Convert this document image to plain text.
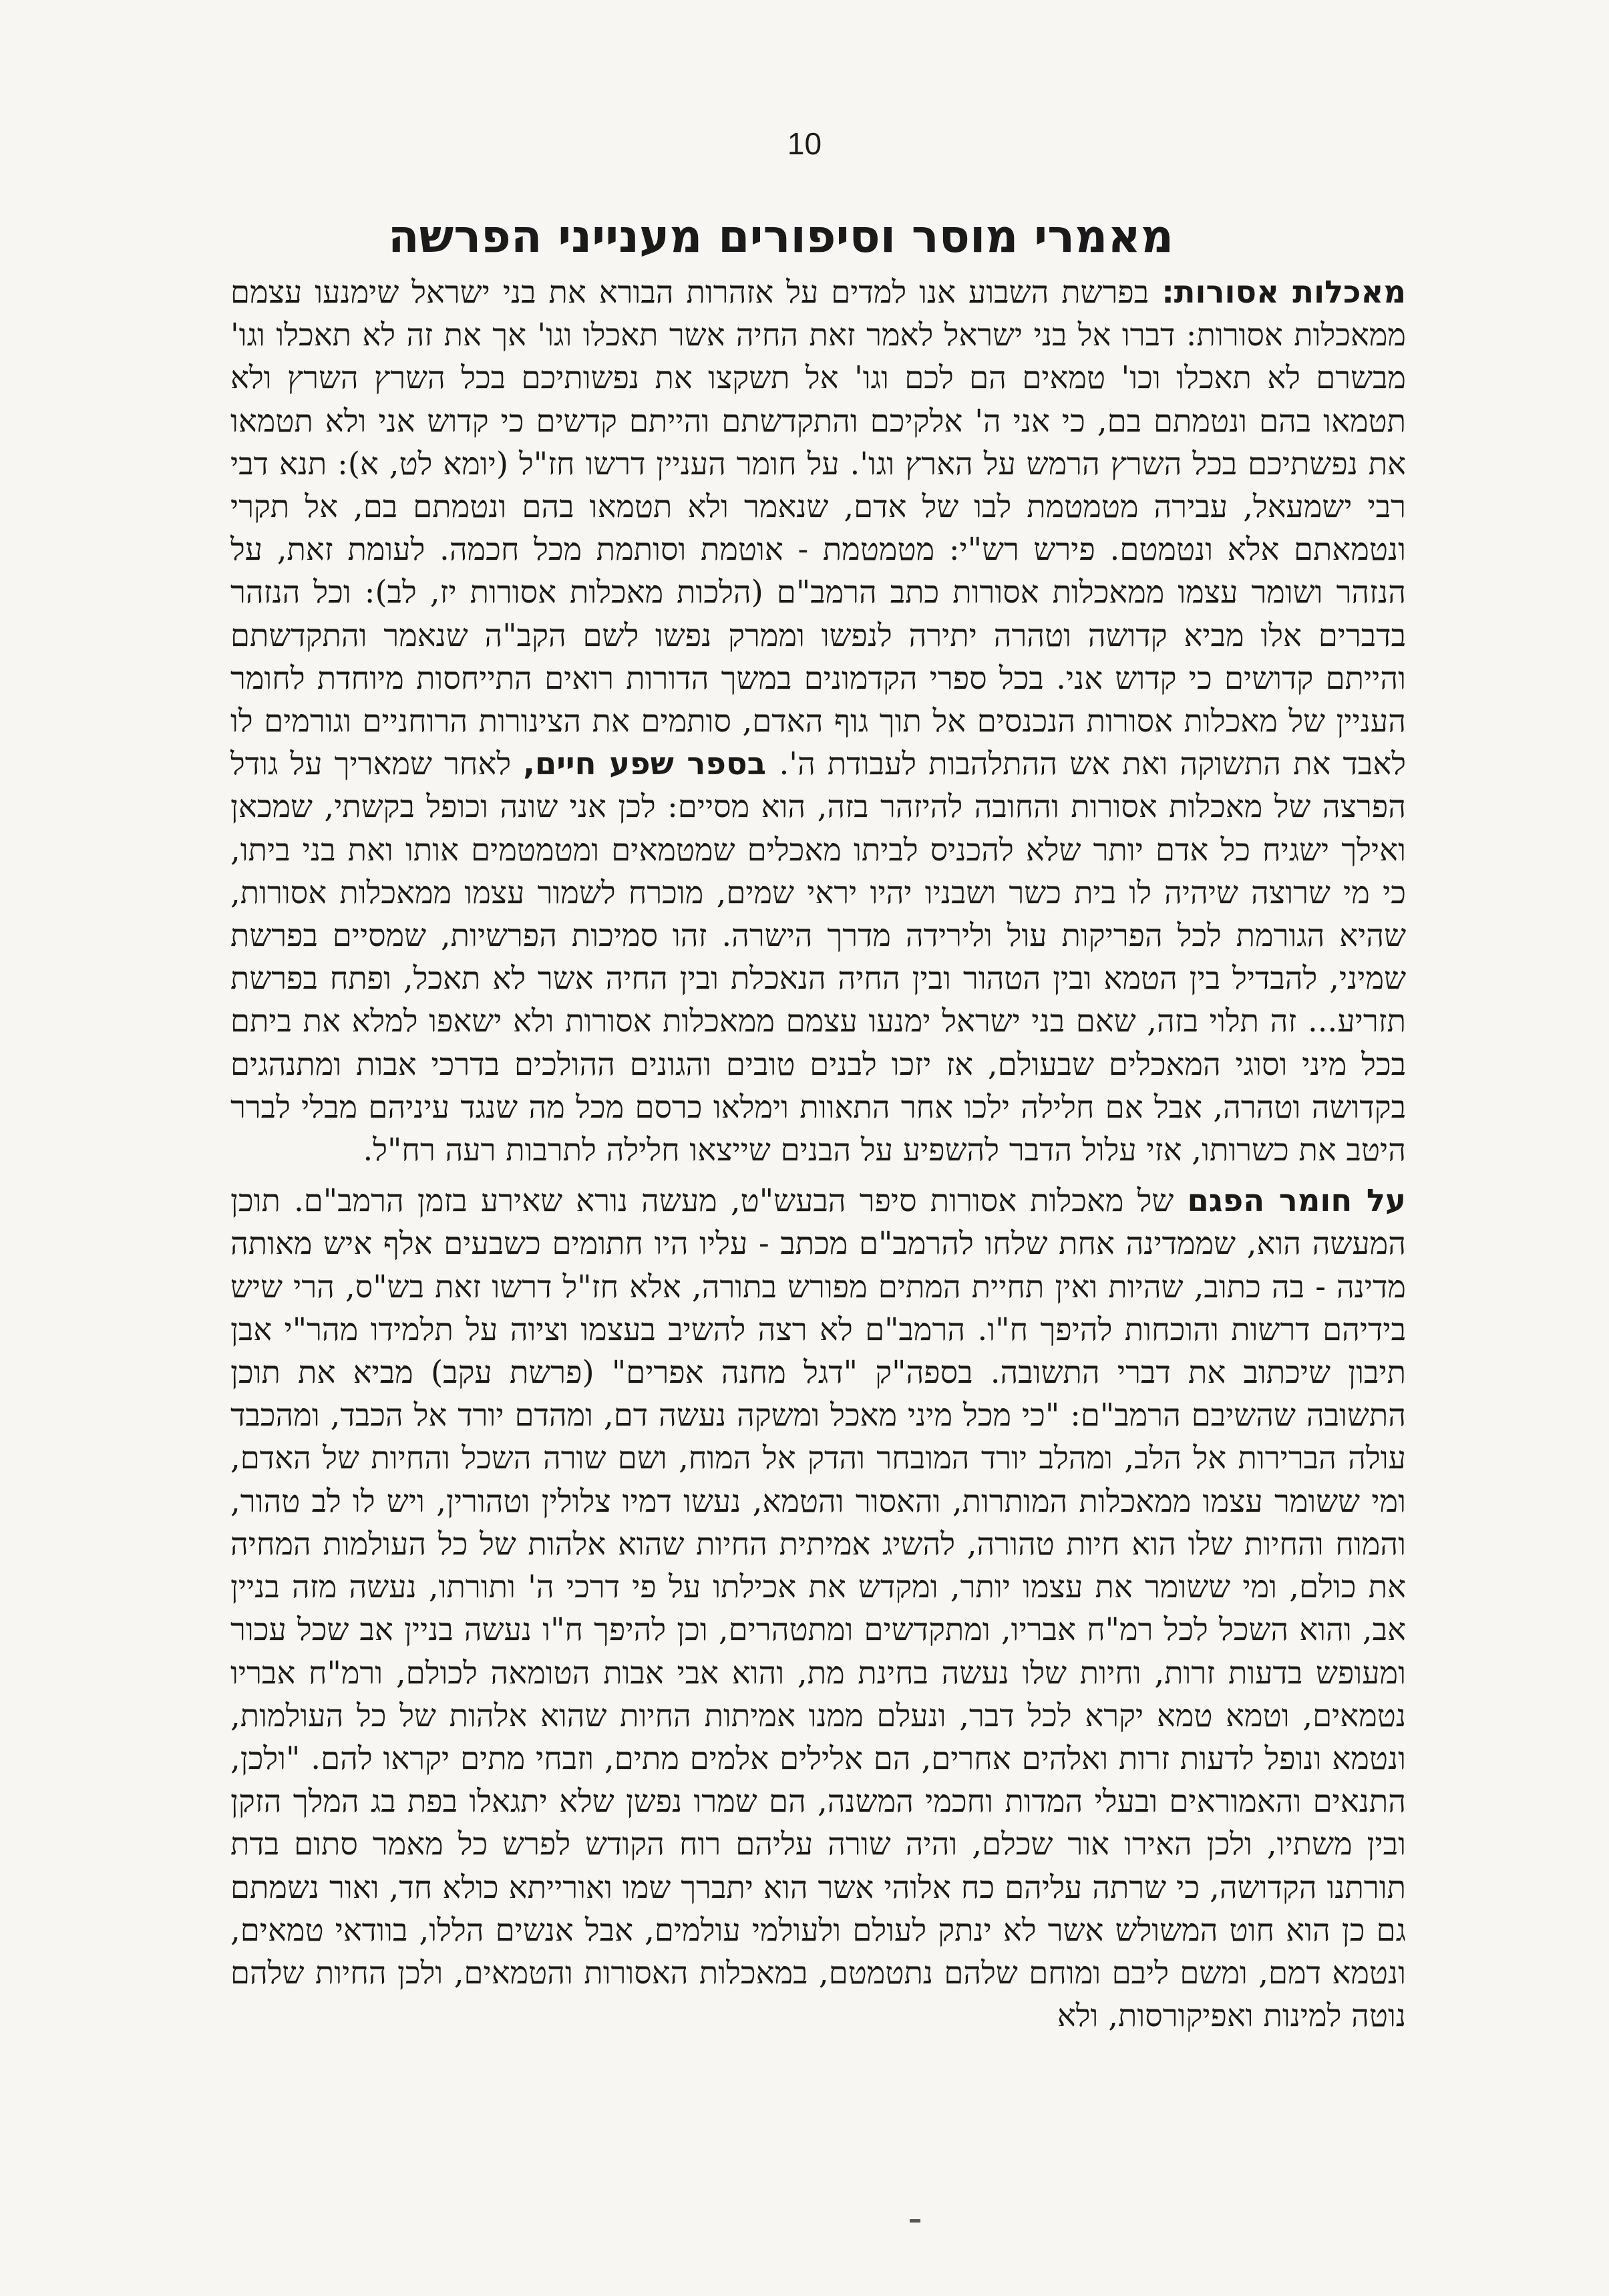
10
מאמרי מוסר וסיפורים מענייני הפרשה

מאכלות אסורות: בפרשת השבוע אנו למדים על אזהרות הבורא את בני ישראל שימנעו עצמם ממאכלות אסורות: דברו אל בני ישראל לאמר זאת החיה אשר תאכלו וגו' אך את זה לא תאכלו וגו' מבשרם לא תאכלו וכו' טמאים הם לכם וגו' אל תשקצו את נפשותיכם בכל השרץ השרץ ולא תטמאו בהם ונטמתם בם, כי אני ה' אלקיכם והתקדשתם והייתם קדשים כי קדוש אני ולא תטמאו את נפשתיכם בכל השרץ הרמש על הארץ וגו'. על חומר העניין דרשו חז"ל (יומא לט, א): תנא דבי רבי ישמעאל, עבירה מטמטמת לבו של אדם, שנאמר ולא תטמאו בהם ונטמתם בם, אל תקרי ונטמאתם אלא ונטמטם. פירש רש"י: מטמטמת - אוטמת וסותמת מכל חכמה. לעומת זאת, על הנזהר ושומר עצמו ממאכלות אסורות כתב הרמב"ם (הלכות מאכלות אסורות יז, לב): וכל הנזהר בדברים אלו מביא קדושה וטהרה יתירה לנפשו וממרק נפשו לשם הקב"ה שנאמר והתקדשתם והייתם קדושים כי קדוש אני. בכל ספרי הקדמונים במשך הדורות רואים התייחסות מיוחדת לחומר העניין של מאכלות אסורות הנכנסים אל תוך גוף האדם, סותמים את הצינורות הרוחניים וגורמים לו לאבד את התשוקה ואת אש ההתלהבות לעבודת ה'. בספר שפע חיים, לאחר שמאריך על גודל הפרצה של מאכלות אסורות והחובה להיזהר בזה, הוא מסיים: לכן אני שונה וכופל בקשתי, שמכאן ואילך ישגיח כל אדם יותר שלא להכניס לביתו מאכלים שמטמאים ומטמטמים אותו ואת בני ביתו, כי מי שרוצה שיהיה לו בית כשר ושבניו יהיו יראי שמים, מוכרח לשמור עצמו ממאכלות אסורות, שהיא הגורמת לכל הפריקות עול ולירידה מדרך הישרה. זהו סמיכות הפרשיות, שמסיים בפרשת שמיני, להבדיל בין הטמא ובין הטהור ובין החיה הנאכלת ובין החיה אשר לא תאכל, ופתח בפרשת תזריע... זה תלוי בזה, שאם בני ישראל ימנעו עצמם ממאכלות אסורות ולא ישאפו למלא את ביתם בכל מיני וסוגי המאכלים שבעולם, אז יזכו לבנים טובים והגונים ההולכים בדרכי אבות ומתנהגים בקדושה וטהרה, אבל אם חלילה ילכו אחר התאוות וימלאו כרסם מכל מה שנגד עיניהם מבלי לברר היטב את כשרותו, אזי עלול הדבר להשפיע על הבנים שייצאו חלילה לתרבות רעה רח"ל.

על חומר הפגם של מאכלות אסורות סיפר הבעש"ט, מעשה נורא שאירע בזמן הרמב"ם. תוכן המעשה הוא, שממדינה אחת שלחו להרמב"ם מכתב - עליו היו חתומים כשבעים אלף איש מאותה מדינה - בה כתוב, שהיות ואין תחיית המתים מפורש בתורה, אלא חז"ל דרשו זאת בש"ס, הרי שיש בידיהם דרשות והוכחות להיפך ח"ו. הרמב"ם לא רצה להשיב בעצמו וציוה על תלמידו מהר"י אבן תיבון שיכתוב את דברי התשובה. בספה"ק "דגל מחנה אפרים" (פרשת עקב) מביא את תוכן התשובה שהשיבם הרמב"ם: "כי מכל מיני מאכל ומשקה נעשה דם, ומהדם יורד אל הכבד, ומהכבד עולה הברירות אל הלב, ומהלב יורד המובחר והדק אל המוח, ושם שורה השכל והחיות של האדם, ומי ששומר עצמו ממאכלות המותרות, והאסור והטמא, נעשו דמיו צלולין וטהורין, ויש לו לב טהור, והמוח והחיות שלו הוא חיות טהורה, להשיג אמיתית החיות שהוא אלהות של כל העולמות המחיה את כולם, ומי ששומר את עצמו יותר, ומקדש את אכילתו על פי דרכי ה' ותורתו, נעשה מזה בניין אב, והוא השכל לכל רמ"ח אבריו, ומתקדשים ומתטהרים, וכן להיפך ח"ו נעשה בניין אב שכל עכור ומעופש בדעות זרות, וחיות שלו נעשה בחינת מת, והוא אבי אבות הטומאה לכולם, ורמ"ח אבריו נטמאים, וטמא טמא יקרא לכל דבר, ונעלם ממנו אמיתות החיות שהוא אלהות של כל העולמות, ונטמא ונופל לדעות זרות ואלהים אחרים, הם אלילים אלמים מתים, וזבחי מתים יקראו להם. "ולכן, התנאים והאמוראים ובעלי המדות וחכמי המשנה, הם שמרו נפשן שלא יתגאלו בפת בג המלך הזקן ובין משתיו, ולכן האירו אור שכלם, והיה שורה עליהם רוח הקודש לפרש כל מאמר סתום בדת תורתנו הקדושה, כי שרתה עליהם כח אלוהי אשר הוא יתברך שמו ואורייתא כולא חד, ואור נשמתם גם כן הוא חוט המשולש אשר לא ינתק לעולם ולעולמי עולמים, אבל אנשים הללו, בוודאי טמאים, ונטמא דמם, ומשם ליבם ומוחם שלהם נתטמטם, במאכלות האסורות והטמאים, ולכן החיות שלהם נוטה למינות ואפיקורסות, ולא
